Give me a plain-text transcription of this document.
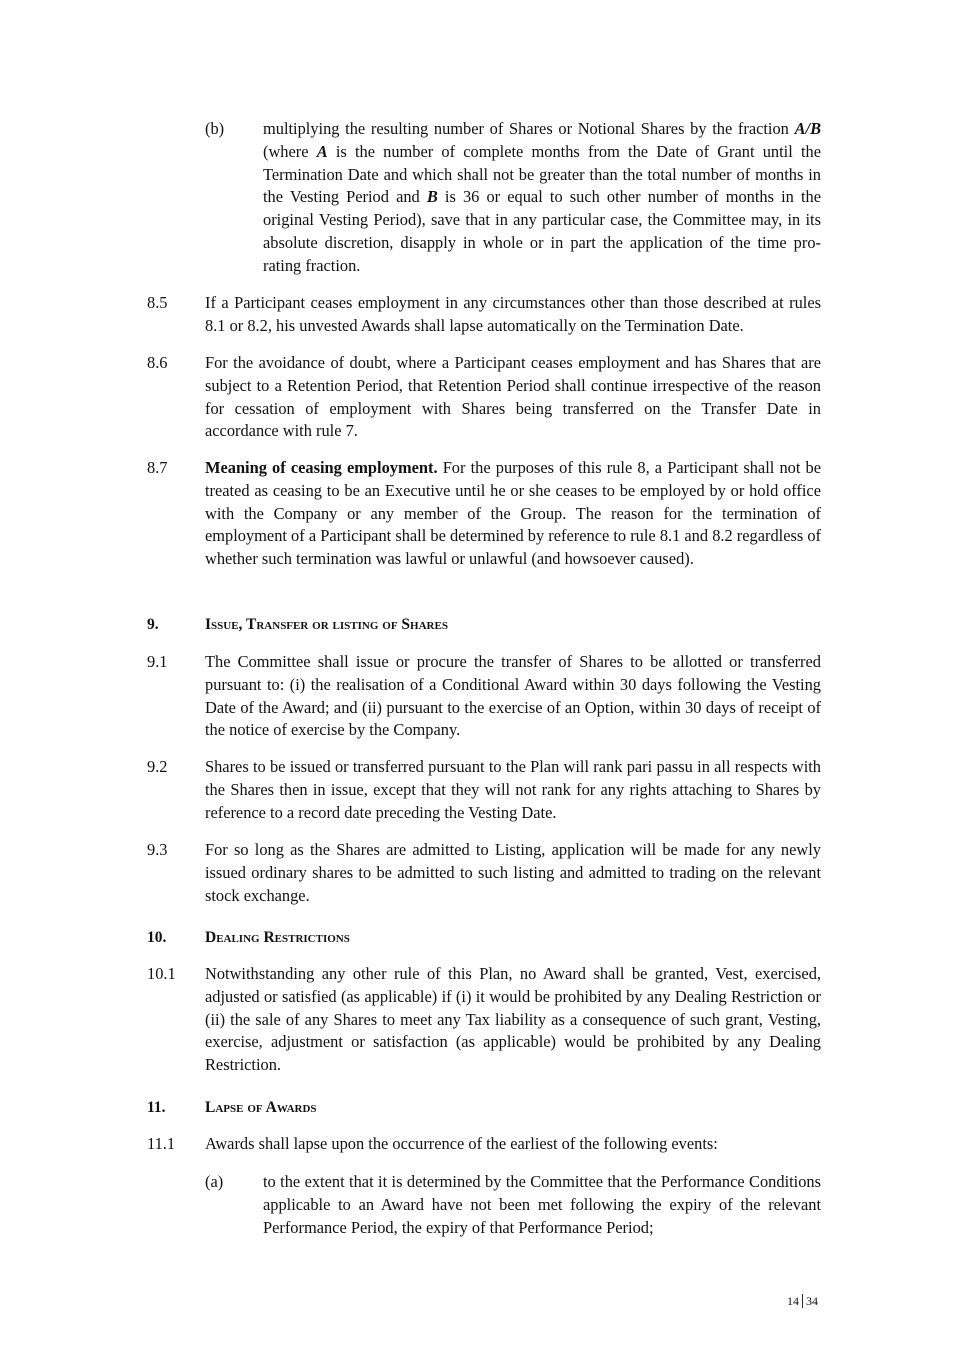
(b) multiplying the resulting number of Shares or Notional Shares by the fraction A/B (where A is the number of complete months from the Date of Grant until the Termination Date and which shall not be greater than the total number of months in the Vesting Period and B is 36 or equal to such other number of months in the original Vesting Period), save that in any particular case, the Committee may, in its absolute discretion, disapply in whole or in part the application of the time pro-rating fraction.
8.5 If a Participant ceases employment in any circumstances other than those described at rules 8.1 or 8.2, his unvested Awards shall lapse automatically on the Termination Date.
8.6 For the avoidance of doubt, where a Participant ceases employment and has Shares that are subject to a Retention Period, that Retention Period shall continue irrespective of the reason for cessation of employment with Shares being transferred on the Transfer Date in accordance with rule 7.
8.7 Meaning of ceasing employment. For the purposes of this rule 8, a Participant shall not be treated as ceasing to be an Executive until he or she ceases to be employed by or hold office with the Company or any member of the Group. The reason for the termination of employment of a Participant shall be determined by reference to rule 8.1 and 8.2 regardless of whether such termination was lawful or unlawful (and howsoever caused).
9.	Issue, Transfer or listing of Shares
9.1 The Committee shall issue or procure the transfer of Shares to be allotted or transferred pursuant to: (i) the realisation of a Conditional Award within 30 days following the Vesting Date of the Award; and (ii) pursuant to the exercise of an Option, within 30 days of receipt of the notice of exercise by the Company.
9.2 Shares to be issued or transferred pursuant to the Plan will rank pari passu in all respects with the Shares then in issue, except that they will not rank for any rights attaching to Shares by reference to a record date preceding the Vesting Date.
9.3 For so long as the Shares are admitted to Listing, application will be made for any newly issued ordinary shares to be admitted to such listing and admitted to trading on the relevant stock exchange.
10. Dealing Restrictions
10.1 Notwithstanding any other rule of this Plan, no Award shall be granted, Vest, exercised, adjusted or satisfied (as applicable) if (i) it would be prohibited by any Dealing Restriction or (ii) the sale of any Shares to meet any Tax liability as a consequence of such grant, Vesting, exercise, adjustment or satisfaction (as applicable) would be prohibited by any Dealing Restriction.
11.	Lapse of Awards
11.1 Awards shall lapse upon the occurrence of the earliest of the following events:
(a) to the extent that it is determined by the Committee that the Performance Conditions applicable to an Award have not been met following the expiry of the relevant Performance Period, the expiry of that Performance Period;
14 34
